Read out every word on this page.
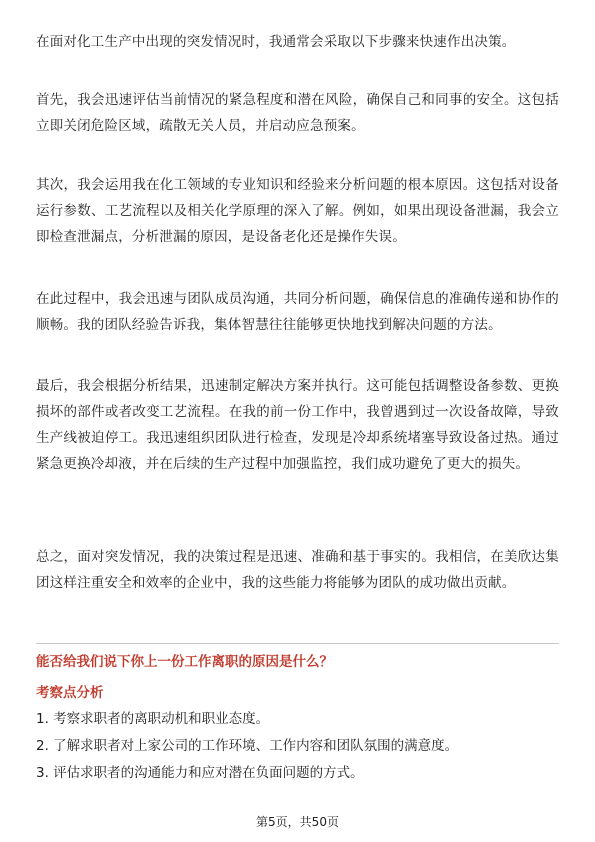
在面对化工生产中出现的突发情况时，我通常会采取以下步骤来快速作出决策。

首先，我会迅速评估当前情况的紧急程度和潜在风险，确保自己和同事的安全。这包括立即关闭危险区域，疏散无关人员，并启动应急预案。

其次，我会运用我在化工领域的专业知识和经验来分析问题的根本原因。这包括对设备运行参数、工艺流程以及相关化学原理的深入了解。例如，如果出现设备泄漏，我会立即检查泄漏点，分析泄漏的原因，是设备老化还是操作失误。

在此过程中，我会迅速与团队成员沟通，共同分析问题，确保信息的准确传递和协作的顺畅。我的团队经验告诉我，集体智慧往往能够更快地找到解决问题的方法。

最后，我会根据分析结果，迅速制定解决方案并执行。这可能包括调整设备参数、更换损坏的部件或者改变工艺流程。在我的前一份工作中，我曾遇到过一次设备故障，导致生产线被迫停工。我迅速组织团队进行检查，发现是冷却系统堵塞导致设备过热。通过紧急更换冷却液，并在后续的生产过程中加强监控，我们成功避免了更大的损失。

总之，面对突发情况，我的决策过程是迅速、准确和基于事实的。我相信，在美欣达集团这样注重安全和效率的企业中，我的这些能力将能够为团队的成功做出贡献。

能否给我们说下你上一份工作离职的原因是什么？

考察点分析

1. 考察求职者的离职动机和职业态度。

2. 了解求职者对上家公司的工作环境、工作内容和团队氛围的满意度。

3. 评估求职者的沟通能力和应对潜在负面问题的方式。

第5页，共50页
